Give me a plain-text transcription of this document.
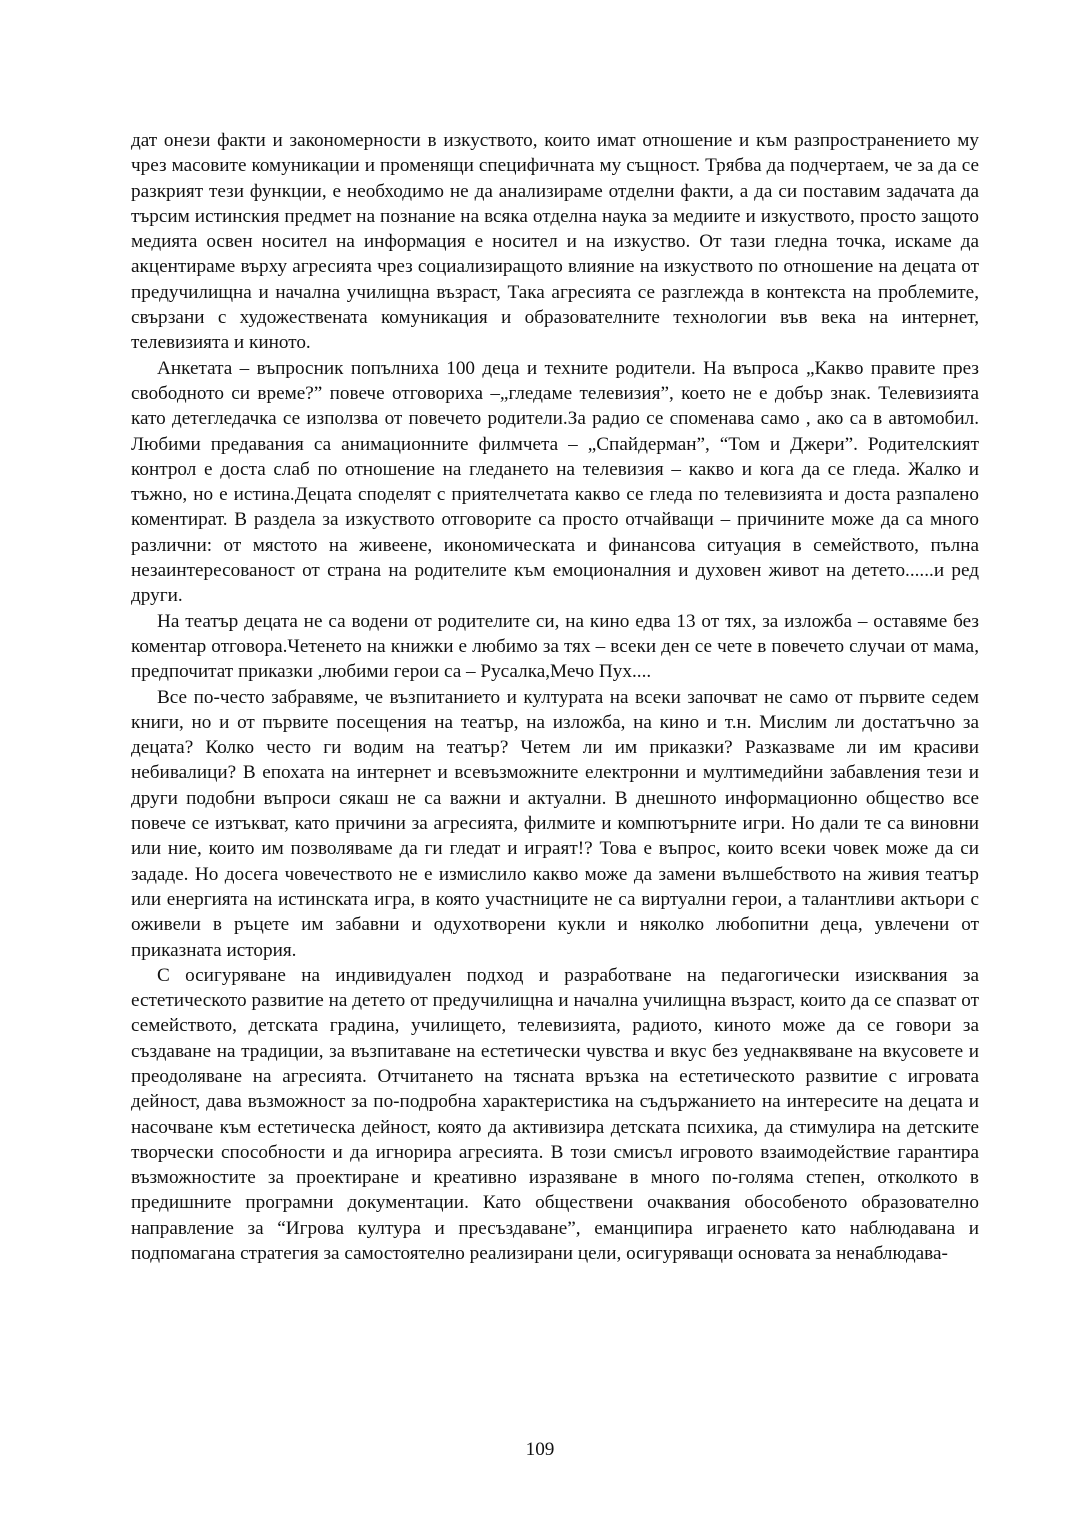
дат онези факти и закономерности в изкуството, които имат отношение и към разпространението му чрез масовите комуникации и променящи специфичната му същност. Трябва да подчертаем, че за да се разкрият тези функции, е необходимо не да анализираме отделни факти, а да си поставим задачата да търсим истинския предмет на познание на всяка отделна наука за медиите и изкуството, просто защото медията освен носител на информация е носител и на изкуство. От тази гледна точка, искаме да акцентираме върху агресията чрез социализиращото влияние на изкуството по отношение на децата от предучилищна и начална училищна възраст, Така агресията се разглежда в контекста на проблемите, свързани с художествената комуникация и образователните технологии във века на интернет, телевизията и киното.

Анкетата – въпросник попълниха 100 деца и техните родители. На въпроса „Какво правите през свободното си време?” повече отговориха –„гледаме телевизия”, което не е добър знак. Телевизията като детегледачка се използва от повечето родители.За радио се споменава само , ако са в автомобил. Любими предавания са анимационните филмчета – „Спайдерман”, “Том и Джери”. Родителският контрол е доста слаб по отношение на гледането на телевизия – какво и кога да се гледа. Жалко и тъжно, но е истина.Децата споделят с приятелчетата какво се гледа по телевизията и доста разпалено коментират. В раздела за изкуството отговорите са просто отчайващи – причините може да са много различни: от мястото на живеене, икономическата и финансова ситуация в семейството, пълна незаинтересованост от страна на родителите към емоционалния и духовен живот на детето......и ред други.

На театър децата не са водени от родителите си, на кино едва 13 от тях, за изложба – оставяме без коментар отговора.Четенето на книжки е любимо за тях – всеки ден се чете в повечето случаи от мама, предпочитат приказки ,любими герои са – Русалка,Мечо Пух....

Все по-често забравяме, че възпитанието и културата на всеки започват не само от първите седем книги, но и от първите посещения на театър, на изложба, на кино и т.н. Мислим ли достатъчно за децата? Колко често ги водим на театър? Четем ли им приказки? Разказваме ли им красиви небивалици? В епохата на интернет и всевъзможните електронни и мултимедийни забавления тези и други подобни въпроси сякаш не са важни и актуални. В днешното информационно общество все повече се изтъкват, като причини за агресията, филмите и компютърните игри. Но дали те са виновни или ние, които им позволяваме да ги гледат и играят!? Това е въпрос, които всеки човек може да си зададе. Но досега човечеството не е измислило какво може да замени вълшебството на живия театър или енергията на истинската игра, в която участниците не са виртуални герои, а талантливи актьори с оживели в ръцете им забавни и одухотворени кукли и няколко любопитни деца, увлечени от приказната история.

С осигуряване на индивидуален подход и разработване на педагогически изисквания за естетическото развитие на детето от предучилищна и начална училищна възраст, които да се спазват от семейството, детската градина, училището, телевизията, радиото, киното може да се говори за създаване на традиции, за възпитаване на естетически чувства и вкус без уеднаквяване на вкусовете и преодоляване на агресията. Отчитането на тясната връзка на естетическото развитие с игровата дейност, дава възможност за по-подробна характеристика на съдържанието на интересите на децата и насочване към естетическа дейност, която да активизира детската психика, да стимулира на детските творчески способности и да игнорира агресията. В този смисъл игровото взаимодействие гарантира възможностите за проектиране и креативно изразяване в много по-голяма степен, отколкото в предишните програмни документации. Като обществени очаквания обособеното образователно направление за “Игрова култура и пресъздаване”, еманципира играенето като наблюдавана и подпомагана стратегия за самостоятелно реализирани цели, осигуряващи основата за ненаблюдава-

109
